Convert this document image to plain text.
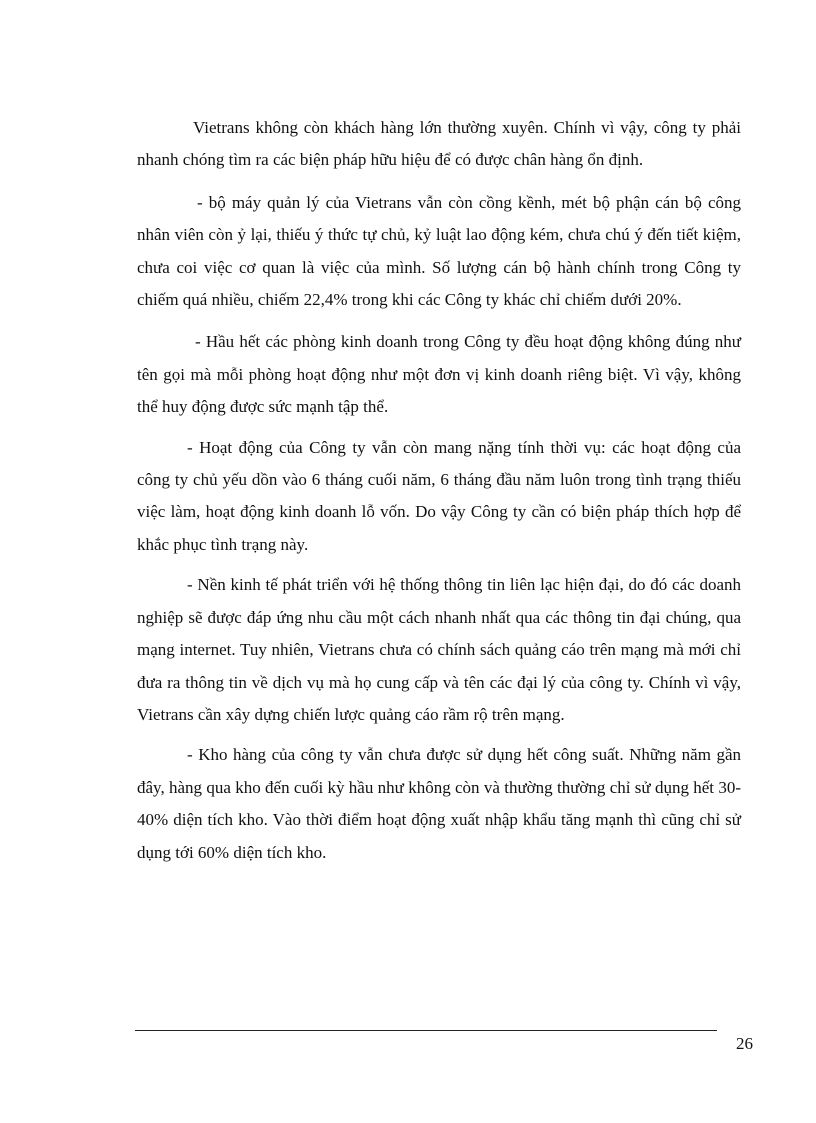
Vietrans không còn khách hàng lớn thường xuyên. Chính vì vậy, công ty phải nhanh chóng tìm ra các biện pháp hữu hiệu để có được chân hàng ổn định.

- bộ máy quản lý của Vietrans vẫn còn cồng kềnh, mét bộ phận cán bộ công nhân viên còn ỷ lại, thiếu ý thức tự chủ, kỷ luật lao động kém, chưa chú ý đến tiết kiệm, chưa coi việc cơ quan là việc của mình. Số lượng cán bộ hành chính trong Công ty chiếm quá nhiều, chiếm 22,4% trong khi các Công ty khác chỉ chiếm dưới 20%.

- Hầu hết các phòng kinh doanh trong Công ty đều hoạt động không đúng như tên gọi mà mỗi phòng hoạt động như một đơn vị kinh doanh riêng biệt. Vì vậy, không thể huy động được sức mạnh tập thể.

- Hoạt động của Công ty vẫn còn mang nặng tính thời vụ: các hoạt động của công ty chủ yếu dồn vào 6 tháng cuối năm, 6 tháng đầu năm luôn trong tình trạng thiếu việc làm, hoạt động kinh doanh lỗ vốn. Do vậy Công ty cần có biện pháp thích hợp để khắc phục tình trạng này.

- Nền kinh tế phát triển với hệ thống thông tin liên lạc hiện đại, do đó các doanh nghiệp sẽ được đáp ứng nhu cầu một cách nhanh nhất qua các thông tin đại chúng, qua mạng internet. Tuy nhiên, Vietrans chưa có chính sách quảng cáo trên mạng mà mới chỉ đưa ra thông tin về dịch vụ mà họ cung cấp và tên các đại lý của công ty. Chính vì vậy, Vietrans cần xây dựng chiến lược quảng cáo rầm rộ trên mạng.

- Kho hàng của công ty vẫn chưa được sử dụng hết công suất. Những năm gần đây, hàng qua kho đến cuối kỳ hầu như không còn và thường thường chỉ sử dụng hết 30-40% diện tích kho. Vào thời điểm hoạt động xuất nhập khẩu tăng mạnh thì cũng chỉ sử dụng tới 60% diện tích kho.

26
